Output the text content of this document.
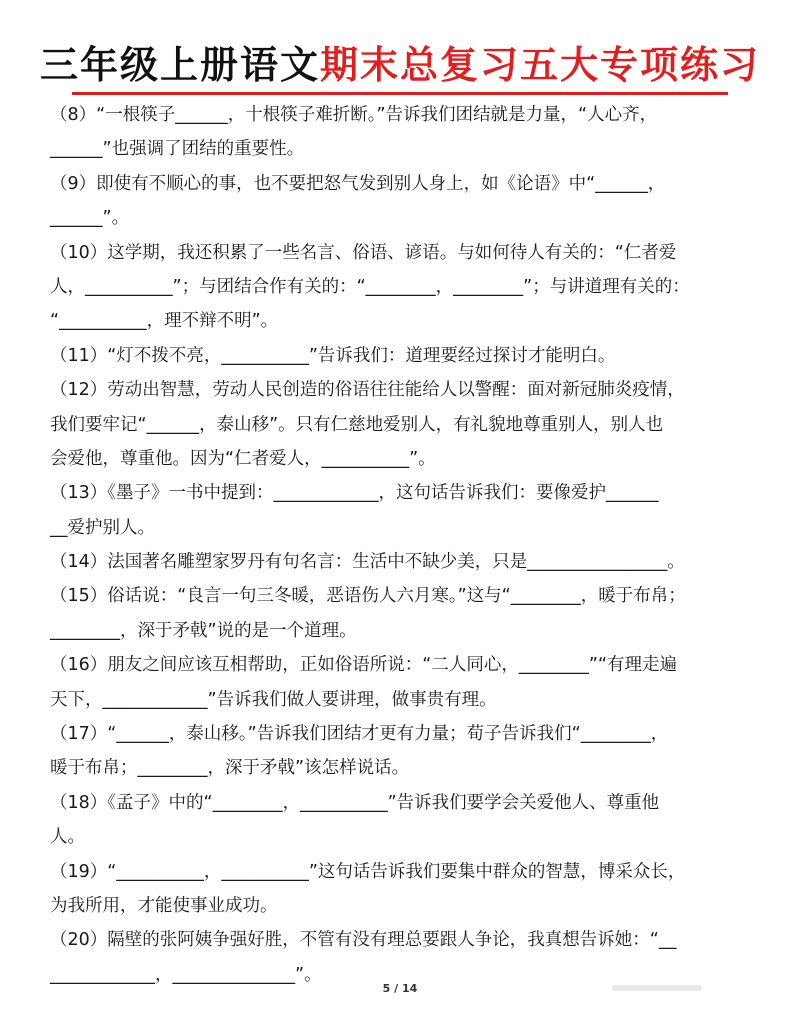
三年级上册语文期末总复习五大专项练习
（8）“一根筷子______，十根筷子难折断。”告诉我们团结就是力量，“人心齐，
______”也强调了团结的重要性。
（9）即使有不顺心的事，也不要把怒气发到别人身上，如《论语》中“______，
______”。
（10）这学期，我还积累了一些名言、俗语、谚语。与如何待人有关的：“仁者爱
人，__________”；与团结合作有关的：“________，________”；与讲道理有关的：
“__________，理不辩不明”。
（11）“灯不拨不亮，__________”告诉我们：道理要经过探讨才能明白。
（12）劳动出智慧，劳动人民创造的俗语往往能给人以警醒：面对新冠肺炎疫情，
我们要牢记“______，泰山移”。只有仁慈地爱别人，有礼貌地尊重别人，别人也
会爱他，尊重他。因为“仁者爱人，__________”。
（13）《墨子》一书中提到：____________，这句话告诉我们：要像爱护______
__爱护别人。
（14）法国著名雕塑家罗丹有句名言：生活中不缺少美，只是________________。
（15）俗话说：“良言一句三冬暖，恶语伤人六月寒。”这与“________，暖于布帛；
________，深于矛戟”说的是一个道理。
（16）朋友之间应该互相帮助，正如俗语所说：“二人同心，________”“有理走遍
天下，____________”告诉我们做人要讲理，做事贵有理。
（17）“______，泰山移。”告诉我们团结才更有力量；荀子告诉我们“________，
暖于布帛；________，深于矛戟”该怎样说话。
（18）《孟子》中的“________，__________”告诉我们要学会关爱他人、尊重他
人。
（19）“__________，__________”这句话告诉我们要集中群众的智慧，博采众长，
为我所用，才能使事业成功。
（20）隔壁的张阿姨争强好胜，不管有没有理总要跟人争论，我真想告诉她：“__
____________，______________”。
5 / 14
